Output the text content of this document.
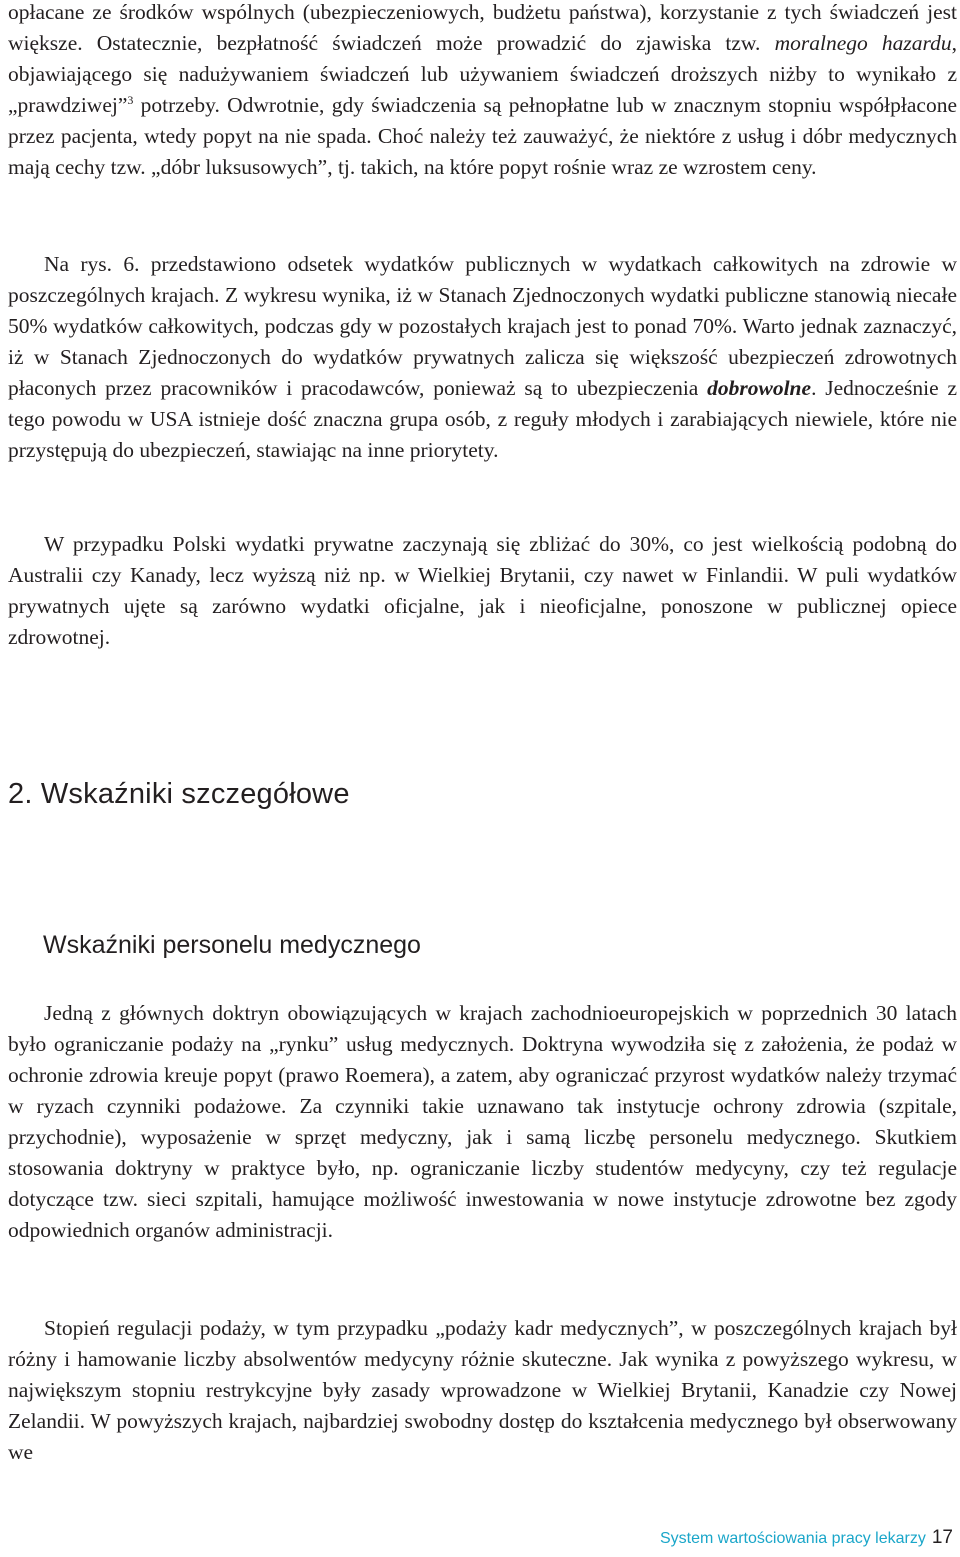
opłacane ze środków wspólnych (ubezpieczeniowych, budżetu państwa), korzystanie z tych świadczeń jest większe. Ostatecznie, bezpłatność świadczeń może prowadzić do zjawiska tzw. moralnego hazardu, objawiającego się nadużywaniem świadczeń lub używaniem świadczeń droższych niżby to wynikało z „prawdziwej”$^3$ potrzeby. Odwrotnie, gdy świadczenia są pełnopłatne lub w znacznym stopniu współpłacone przez pacjenta, wtedy popyt na nie spada. Choć należy też zauważyć, że niektóre z usług i dóbr medycznych mają cechy tzw. „dóbr luksusowych”, tj. takich, na które popyt rośnie wraz ze wzrostem ceny.

Na rys. 6. przedstawiono odsetek wydatków publicznych w wydatkach całkowitych na zdrowie w poszczególnych krajach. Z wykresu wynika, iż w Stanach Zjednoczonych wydatki publiczne stanowią niecałe 50% wydatków całkowitych, podczas gdy w pozostałych krajach jest to ponad 70%. Warto jednak zaznaczyć, iż w Stanach Zjednoczonych do wydatków prywatnych zalicza się większość ubezpieczeń zdrowotnych płaconych przez pracowników i pracodawców, ponieważ są to ubezpieczenia dobrowolne. Jednocześnie z tego powodu w USA istnieje dość znaczna grupa osób, z reguły młodych i zarabiających niewiele, które nie przystępują do ubezpieczeń, stawiając na inne priorytety.

W przypadku Polski wydatki prywatne zaczynają się zbliżać do 30%, co jest wielkością podobną do Australii czy Kanady, lecz wyższą niż np. w Wielkiej Brytanii, czy nawet w Finlandii. W puli wydatków prywatnych ujęte są zarówno wydatki oficjalne, jak i nieoficjalne, ponoszone w publicznej opiece zdrowotnej.

2. Wskaźniki szczegółowe
Wskaźniki personelu medycznego

Jedną z głównych doktryn obowiązujących w krajach zachodnioeuropejskich w poprzednich 30 latach było ograniczanie podaży na „rynku” usług medycznych. Doktryna wywodziła się z założenia, że podaż w ochronie zdrowia kreuje popyt (prawo Roemera), a zatem, aby ograniczać przyrost wydatków należy trzymać w ryzach czynniki podażowe. Za czynniki takie uznawano tak instytucje ochrony zdrowia (szpitale, przychodnie), wyposażenie w sprzęt medyczny, jak i samą liczbę personelu medycznego. Skutkiem stosowania doktryny w praktyce było, np. ograniczanie liczby studentów medycyny, czy też regulacje dotyczące tzw. sieci szpitali, hamujące możliwość inwestowania w nowe instytucje zdrowotne bez zgody odpowiednich organów administracji.

Stopień regulacji podaży, w tym przypadku „podaży kadr medycznych”, w poszczególnych krajach był różny i hamowanie liczby absolwentów medycyny różnie skuteczne. Jak wynika z powyższego wykresu, w największym stopniu restrykcyjne były zasady wprowadzone w Wielkiej Brytanii, Kanadzie czy Nowej Zelandii. W powyższych krajach, najbardziej swobodny dostęp do kształcenia medycznego był obserwowany we

System wartościowania pracy lekarzy 17
